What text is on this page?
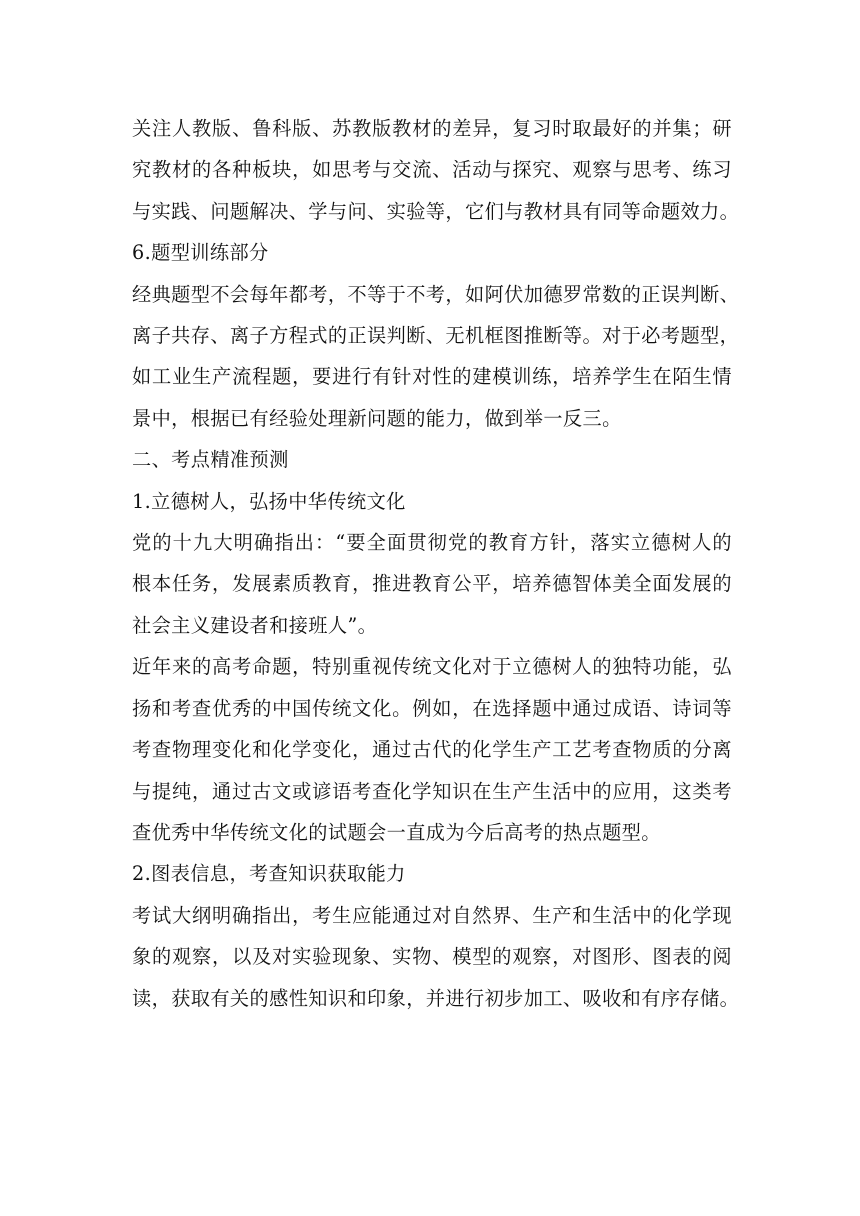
关注人教版、鲁科版、苏教版教材的差异，复习时取最好的并集；研
究教材的各种板块，如思考与交流、活动与探究、观察与思考、练习
与实践、问题解决、学与问、实验等，它们与教材具有同等命题效力。

6.题型训练部分

经典题型不会每年都考，不等于不考，如阿伏加德罗常数的正误判断、
离子共存、离子方程式的正误判断、无机框图推断等。对于必考题型，
如工业生产流程题，要进行有针对性的建模训练，培养学生在陌生情
景中，根据已有经验处理新问题的能力，做到举一反三。

二、考点精准预测

1.立德树人，弘扬中华传统文化

党的十九大明确指出：“要全面贯彻党的教育方针，落实立德树人的
根本任务，发展素质教育，推进教育公平，培养德智体美全面发展的
社会主义建设者和接班人”。

近年来的高考命题，特别重视传统文化对于立德树人的独特功能，弘
扬和考查优秀的中国传统文化。例如，在选择题中通过成语、诗词等
考查物理变化和化学变化，通过古代的化学生产工艺考查物质的分离
与提纯，通过古文或谚语考查化学知识在生产生活中的应用，这类考
查优秀中华传统文化的试题会一直成为今后高考的热点题型。

2.图表信息，考查知识获取能力

考试大纲明确指出，考生应能通过对自然界、生产和生活中的化学现
象的观察，以及对实验现象、实物、模型的观察，对图形、图表的阅
读，获取有关的感性知识和印象，并进行初步加工、吸收和有序存储。
